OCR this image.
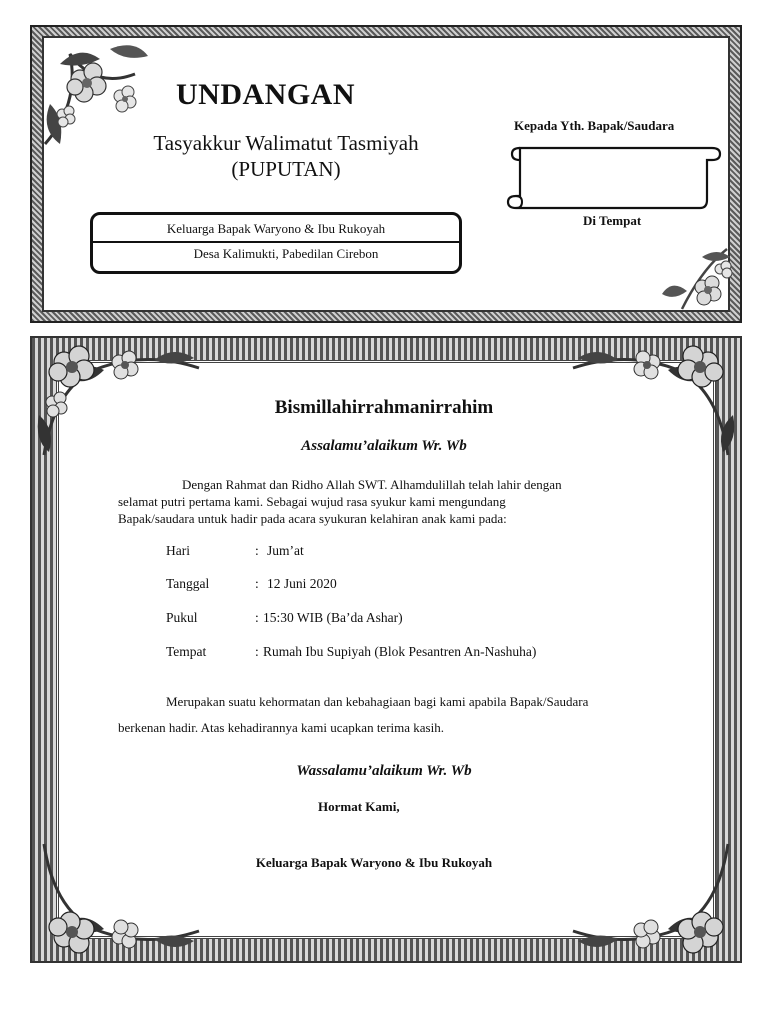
UNDANGAN

Tasyakkur Walimatut Tasmiyah

(PUPUTAN)

Keluarga Bapak Waryono & Ibu Rukoyah
Desa Kalimukti, Pabedilan Cirebon
Kepada Yth. Bapak/Saudara
Di Tempat
Bismillahirrahmanirrahim
Assalamu’alaikum Wr. Wb

Dengan Rahmat dan Ridho Allah SWT. Alhamdulillah telah lahir dengan

selamat putri pertama kami. Sebagai wujud rasa syukur kami mengundang

Bapak/saudara untuk hadir pada acara syukuran kelahiran anak kami pada:

Hari	: Jum’at
Tanggal	: 12 Juni 2020
Pukul	: 15:30 WIB (Ba’da Ashar)
Tempat	: Rumah Ibu Supiyah (Blok Pesantren An-Nashuha)

Merupakan suatu kehormatan dan kebahagiaan bagi kami apabila Bapak/Saudara

berkenan hadir. Atas kehadirannya kami ucapkan terima kasih.

Wassalamu’alaikum Wr. Wb
Hormat Kami,
Keluarga Bapak Waryono & Ibu Rukoyah
